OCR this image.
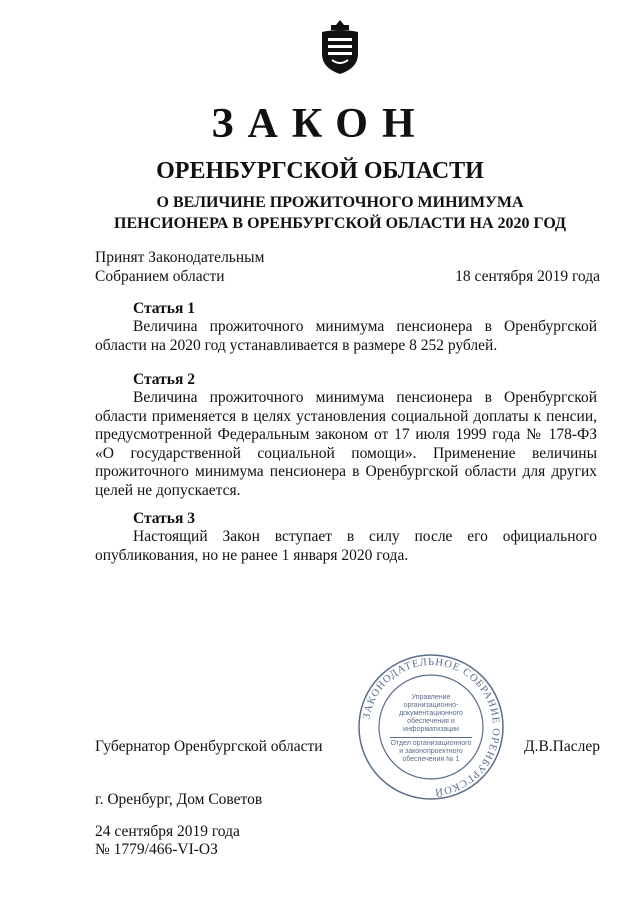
ЗАКОН
ОРЕНБУРГСКОЙ ОБЛАСТИ
О ВЕЛИЧИНЕ ПРОЖИТОЧНОГО МИНИМУМА ПЕНСИОНЕРА В ОРЕНБУРГСКОЙ ОБЛАСТИ НА 2020 ГОД
Принят Законодательным
Собранием области	18 сентября 2019 года
Статья 1
Величина прожиточного минимума пенсионера в Оренбургской области на 2020 год устанавливается в размере 8 252 рублей.
Статья 2
Величина прожиточного минимума пенсионера в Оренбургской области применяется в целях установления социальной доплаты к пенсии, предусмотренной Федеральным законом от 17 июля 1999 года № 178-ФЗ «О государственной социальной помощи». Применение величины прожиточного минимума пенсионера в Оренбургской области для других целей не допускается.
Статья 3
Настоящий Закон вступает в силу после его официального опубликования, но не ранее 1 января 2020 года.
ЗАКОНОДАТЕЛЬНОЕ СОБРАНИЕ ОРЕНБУРГСКОЙ
Управление организационно-документационного обеспечения и информатизации
Отдел организационного и законопроектного обеспечения № 1
Губернатор Оренбургской области	Д.В.Паслер
г. Оренбург, Дом Советов
24 сентября 2019 года
№ 1779/466-VI-ОЗ
